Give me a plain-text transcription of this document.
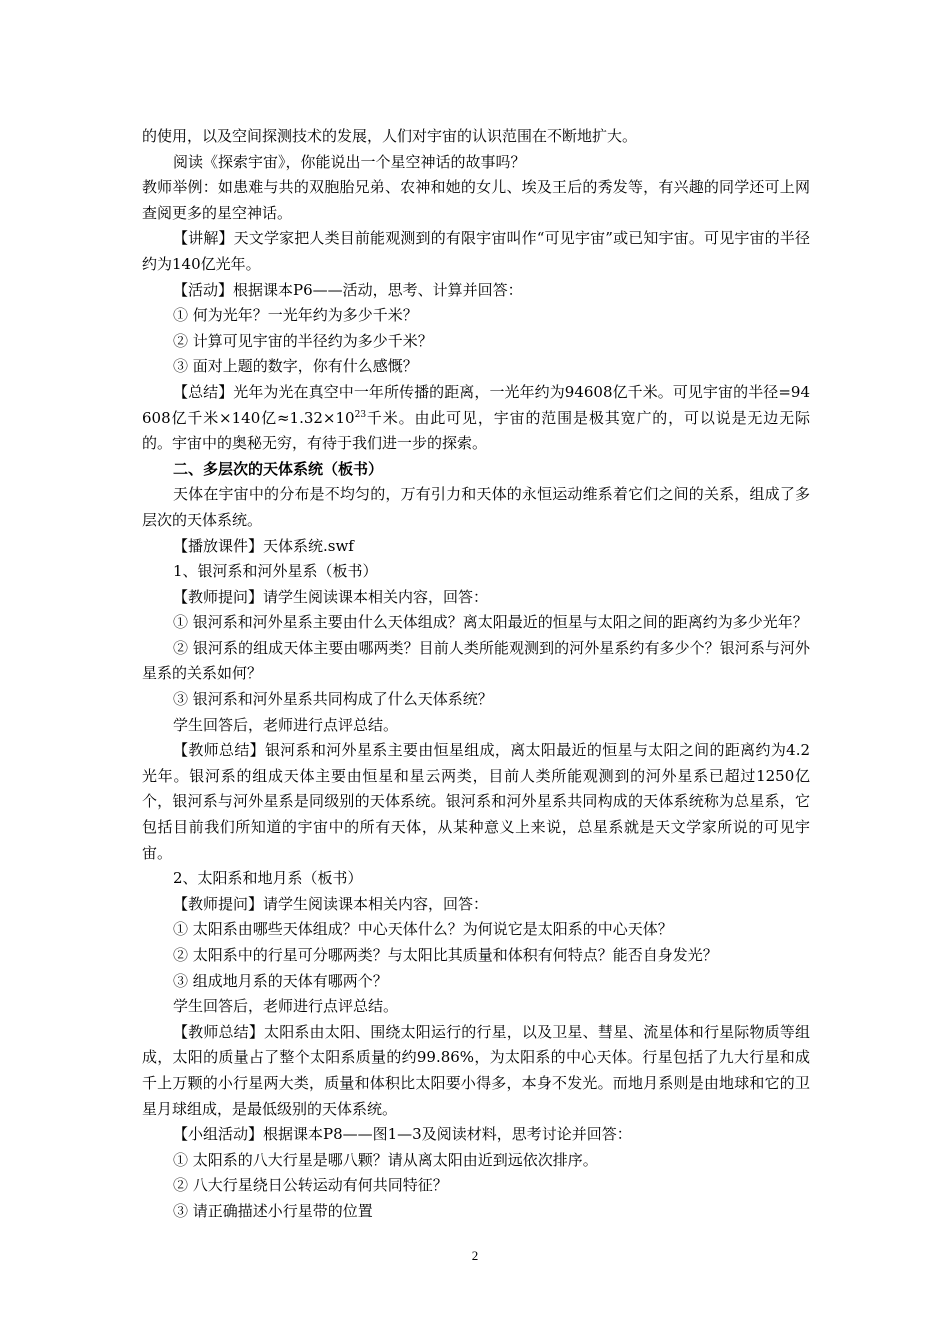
的使用，以及空间探测技术的发展，人们对宇宙的认识范围在不断地扩大。

阅读《探索宇宙》，你能说出一个星空神话的故事吗？

教师举例：如患难与共的双胞胎兄弟、农神和她的女儿、埃及王后的秀发等，有兴趣的同学还可上网查阅更多的星空神话。

【讲解】天文学家把人类目前能观测到的有限宇宙叫作“可见宇宙”或已知宇宙。可见宇宙的半径约为140亿光年。

【活动】根据课本P6——活动，思考、计算并回答：

① 何为光年？一光年约为多少千米？

② 计算可见宇宙的半径约为多少千米？

③ 面对上题的数字，你有什么感慨？

【总结】光年为光在真空中一年所传播的距离，一光年约为94608亿千米。可见宇宙的半径=94608亿千米×140亿$\approx 1.32\times 10^{23}$千米。由此可见，宇宙的范围是极其宽广的，可以说是无边无际的。宇宙中的奥秘无穷，有待于我们进一步的探索。

二、多层次的天体系统（板书）

天体在宇宙中的分布是不均匀的，万有引力和天体的永恒运动维系着它们之间的关系，组成了多层次的天体系统。

【播放课件】天体系统.swf

1、银河系和河外星系（板书）

【教师提问】请学生阅读课本相关内容，回答：

① 银河系和河外星系主要由什么天体组成？离太阳最近的恒星与太阳之间的距离约为多少光年？

② 银河系的组成天体主要由哪两类？目前人类所能观测到的河外星系约有多少个？银河系与河外星系的关系如何？

③ 银河系和河外星系共同构成了什么天体系统？

学生回答后，老师进行点评总结。

【教师总结】银河系和河外星系主要由恒星组成，离太阳最近的恒星与太阳之间的距离约为4.2光年。银河系的组成天体主要由恒星和星云两类，目前人类所能观测到的河外星系已超过1250亿个，银河系与河外星系是同级别的天体系统。银河系和河外星系共同构成的天体系统称为总星系，它包括目前我们所知道的宇宙中的所有天体，从某种意义上来说，总星系就是天文学家所说的可见宇宙。

2、太阳系和地月系（板书）

【教师提问】请学生阅读课本相关内容，回答：

① 太阳系由哪些天体组成？中心天体什么？为何说它是太阳系的中心天体？

② 太阳系中的行星可分哪两类？与太阳比其质量和体积有何特点？能否自身发光？

③ 组成地月系的天体有哪两个？

学生回答后，老师进行点评总结。

【教师总结】太阳系由太阳、围绕太阳运行的行星，以及卫星、彗星、流星体和行星际物质等组成，太阳的质量占了整个太阳系质量的约99.86%，为太阳系的中心天体。行星包括了九大行星和成千上万颗的小行星两大类，质量和体积比太阳要小得多，本身不发光。而地月系则是由地球和它的卫星月球组成，是最低级别的天体系统。

【小组活动】根据课本P8——图1—3及阅读材料，思考讨论并回答：

① 太阳系的八大行星是哪八颗？请从离太阳由近到远依次排序。

② 八大行星绕日公转运动有何共同特征？

③ 请正确描述小行星带的位置

2
